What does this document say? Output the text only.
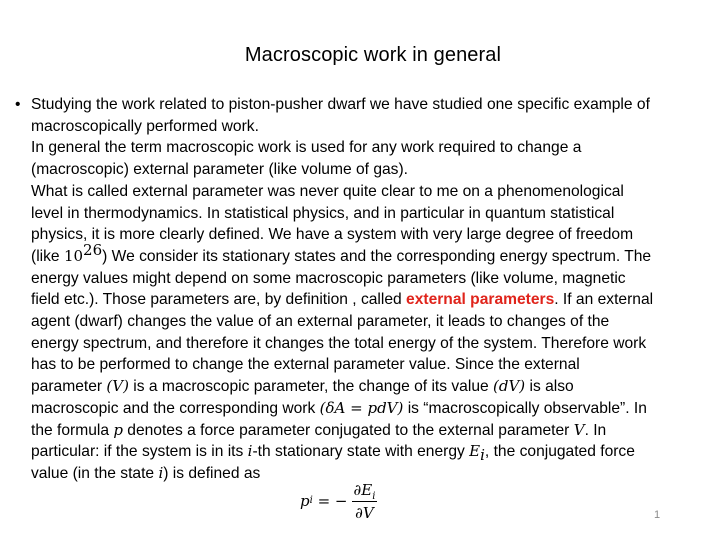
Macroscopic work in general
• Studying the work related to piston-pusher dwarf we have studied one specific example of
macroscopically performed work.
In general the term macroscopic work is used for any work required to change a
(macroscopic) external parameter (like volume of gas).
What is called external parameter was never quite clear to me on a phenomenological
level in thermodynamics. In statistical physics, and in particular in quantum statistical
physics, it is more clearly defined. We have a system with very large degree of freedom
(like $10^{26}$) We consider its stationary states and the corresponding energy spectrum. The
energy values might depend on some macroscopic parameters (like volume, magnetic
field etc.). Those parameters are, by definition , called external parameters. If an external
agent (dwarf) changes the value of an external parameter, it leads to changes of the
energy spectrum, and therefore it changes the total energy of the system. Therefore work
has to be performed to change the external parameter value. Since the external
parameter (V) is a macroscopic parameter, the change of its value (dV) is also
macroscopic and the corresponding work (δA = pdV) is “macroscopically observable”. In
the formula p denotes a force parameter conjugated to the external parameter V. In
particular: if the system is in its i-th stationary state with energy $E_i$, the conjugated force
value (in the state i) is defined as
p i = − $\frac{\partial E_i}{\partial V}$	1
